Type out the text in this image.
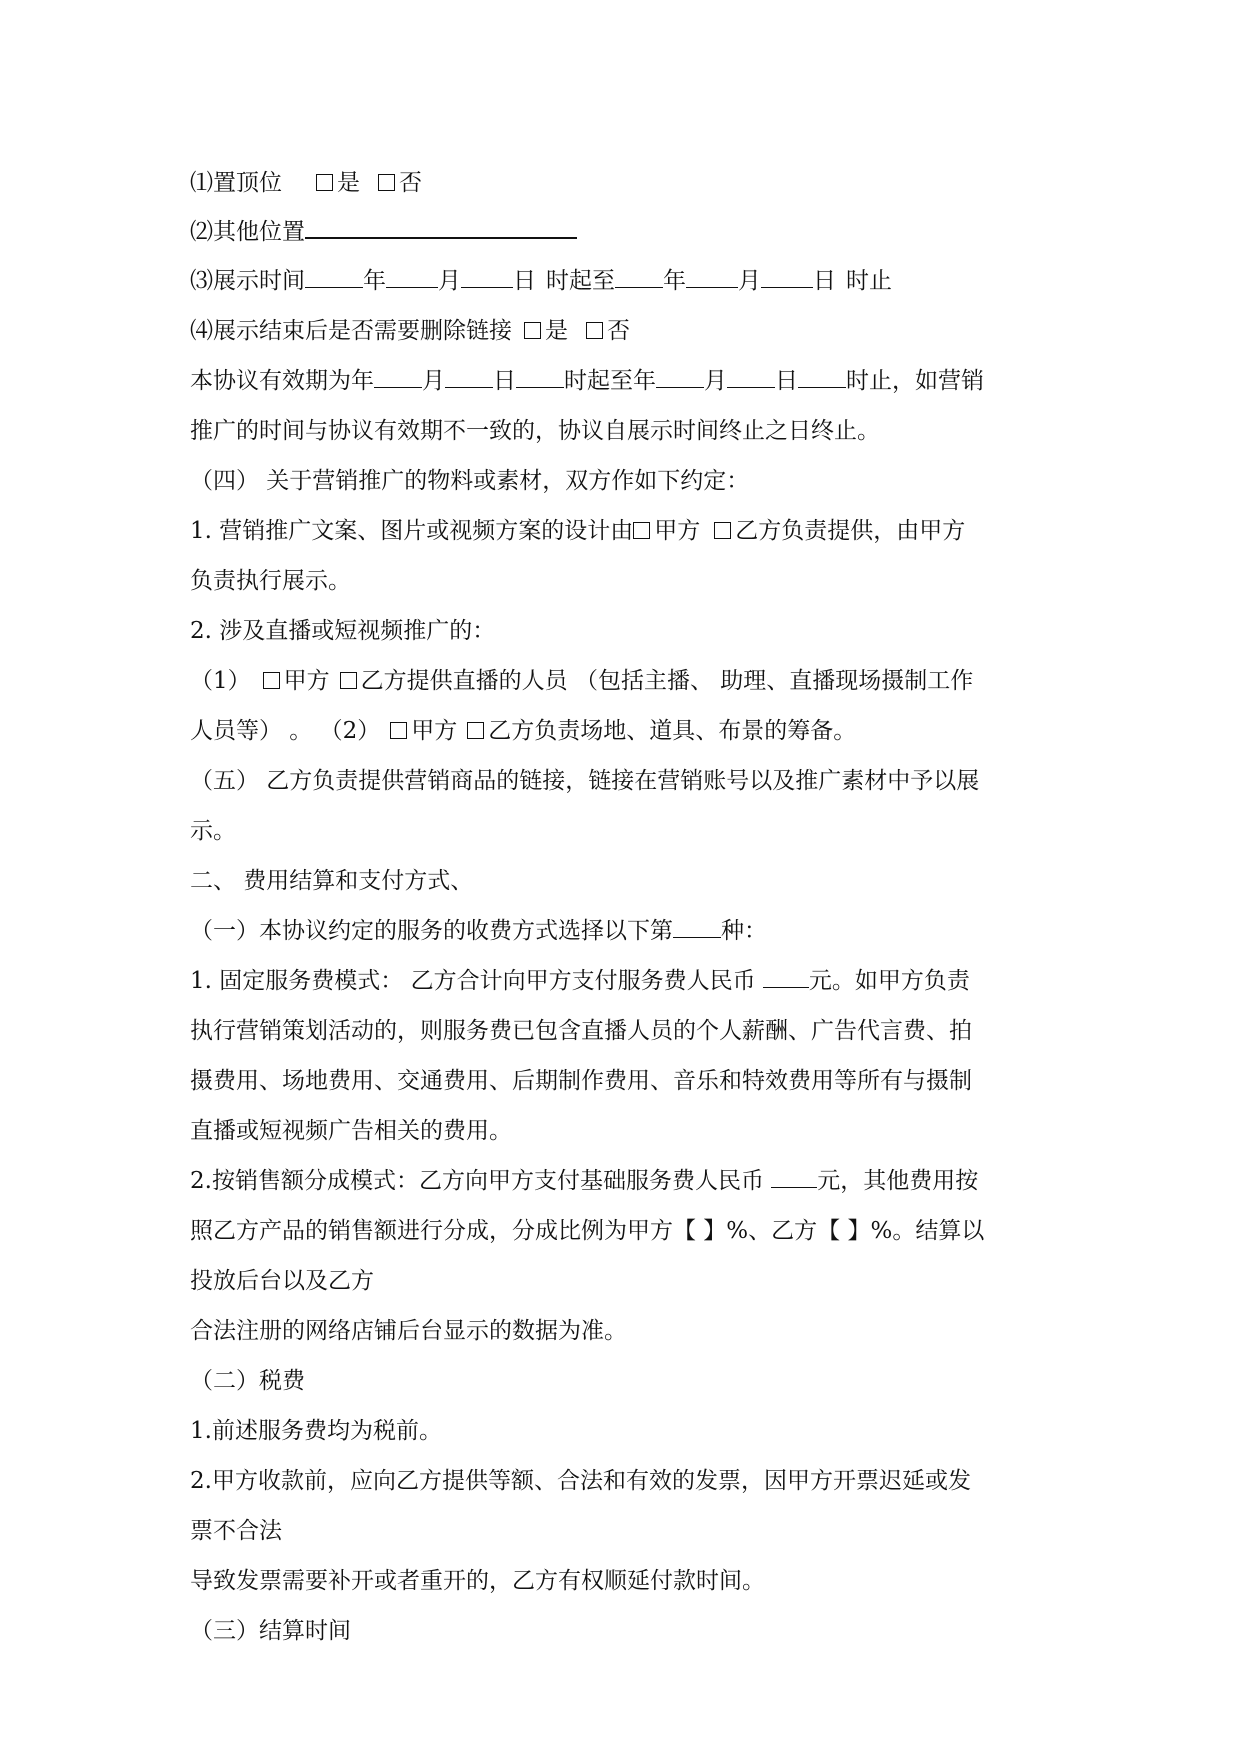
⑴置顶位 是 否
⑵其他位置
⑶展示时间	年 月 日 时起至 年 月 日 时止
⑷展示结束后是否需要删除链接 是 否
本协议有效期为年 月 日 时起至年 月 日 时止，如营销
推广的时间与协议有效期不一致的，协议自展示时间终止之日终止。
（四） 关于营销推广的物料或素材，双方作如下约定：
1. 营销推广文案、图片或视频方案的设计由 甲方 乙方负责提供，由甲方
负责执行展示。
2. 涉及直播或短视频推广的：
（1） 甲方 乙方提供直播的人员 （包括主播、 助理、直播现场摄制工作
人员等） 。 （2） 甲方 乙方负责场地、道具、布景的筹备。
（五） 乙方负责提供营销商品的链接，链接在营销账号以及推广素材中予以展
示。
二、 费用结算和支付方式、
（一）本协议约定的服务的收费方式选择以下第 种：
1. 固定服务费模式： 乙方合计向甲方支付服务费人民币 元。如甲方负责
执行营销策划活动的，则服务费已包含直播人员的个人薪酬、广告代言费、拍
摄费用、场地费用、交通费用、后期制作费用、音乐和特效费用等所有与摄制
直播或短视频广告相关的费用。
2.按销售额分成模式：乙方向甲方支付基础服务费人民币 元，其他费用按
照乙方产品的销售额进行分成，分成比例为甲方【 】%、乙方【 】%。结算以
投放后台以及乙方
合法注册的网络店铺后台显示的数据为准。
（二）税费
1.前述服务费均为税前。
2.甲方收款前，应向乙方提供等额、合法和有效的发票，因甲方开票迟延或发
票不合法
导致发票需要补开或者重开的，乙方有权顺延付款时间。
（三）结算时间
